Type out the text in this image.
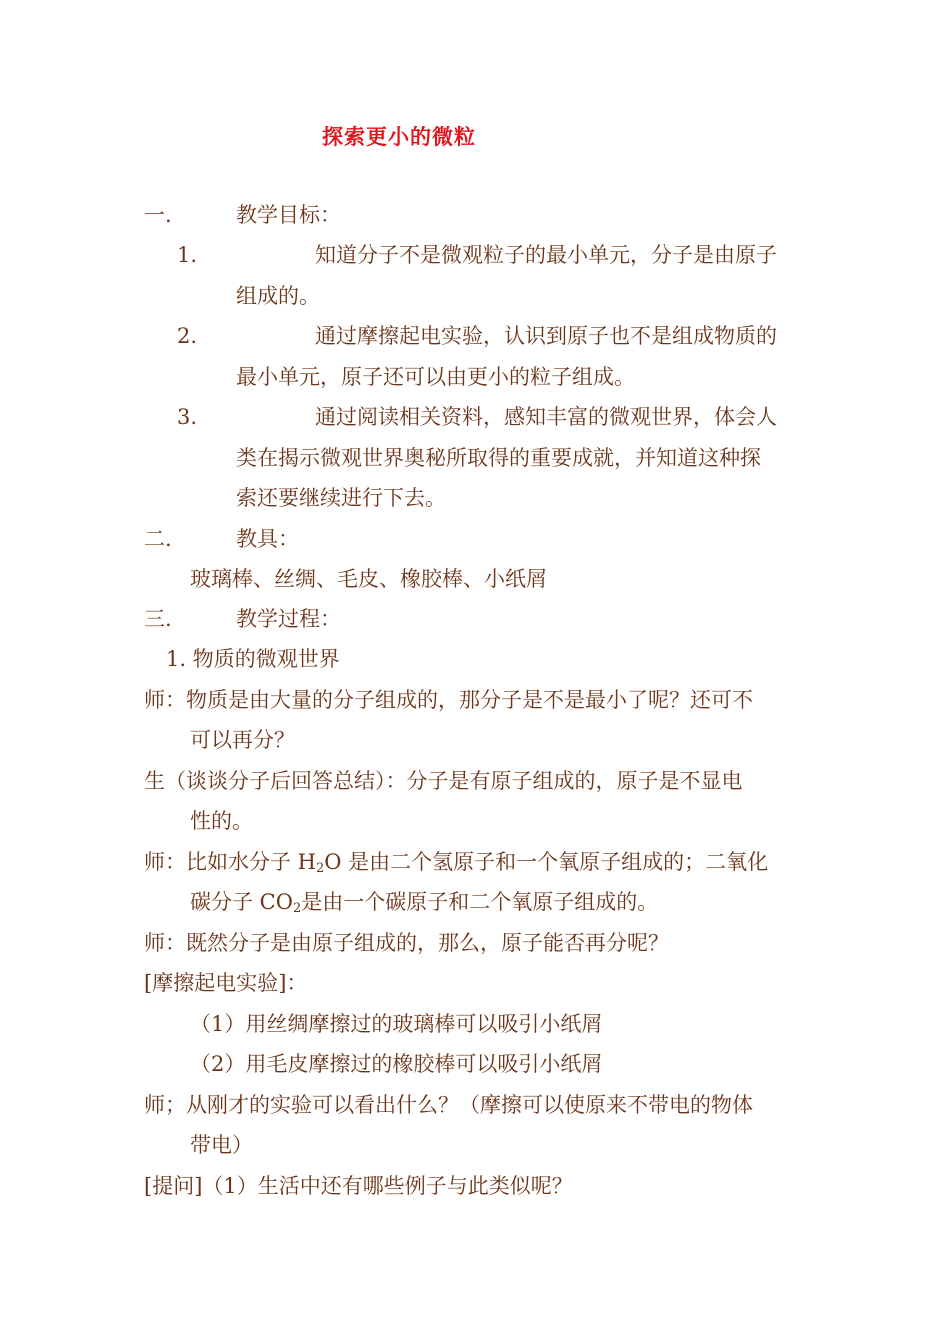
探索更小的微粒
一.	教学目标：
1.	知道分子不是微观粒子的最小单元，分子是由原子
组成的。
2.	通过摩擦起电实验，认识到原子也不是组成物质的
最小单元，原子还可以由更小的粒子组成。
3.	通过阅读相关资料，感知丰富的微观世界，体会人
类在揭示微观世界奥秘所取得的重要成就，并知道这种探
索还要继续进行下去。
二.	教具：
玻璃棒、丝绸、毛皮、橡胶棒、小纸屑
三.	教学过程：
1. 物质的微观世界
师：物质是由大量的分子组成的，那分子是不是最小了呢？还可不
可以再分？
生（谈谈分子后回答总结）：分子是有原子组成的，原子是不显电
性的。
师：比如水分子 $H_2O$ 是由二个氢原子和一个氧原子组成的；二氧化
碳分子 $CO_2$是由一个碳原子和二个氧原子组成的。
师：既然分子是由原子组成的，那么，原子能否再分呢？
[摩擦起电实验]：
（1）用丝绸摩擦过的玻璃棒可以吸引小纸屑
（2）用毛皮摩擦过的橡胶棒可以吸引小纸屑
师；从刚才的实验可以看出什么？（摩擦可以使原来不带电的物体
带电）
[提问]（1）生活中还有哪些例子与此类似呢？
